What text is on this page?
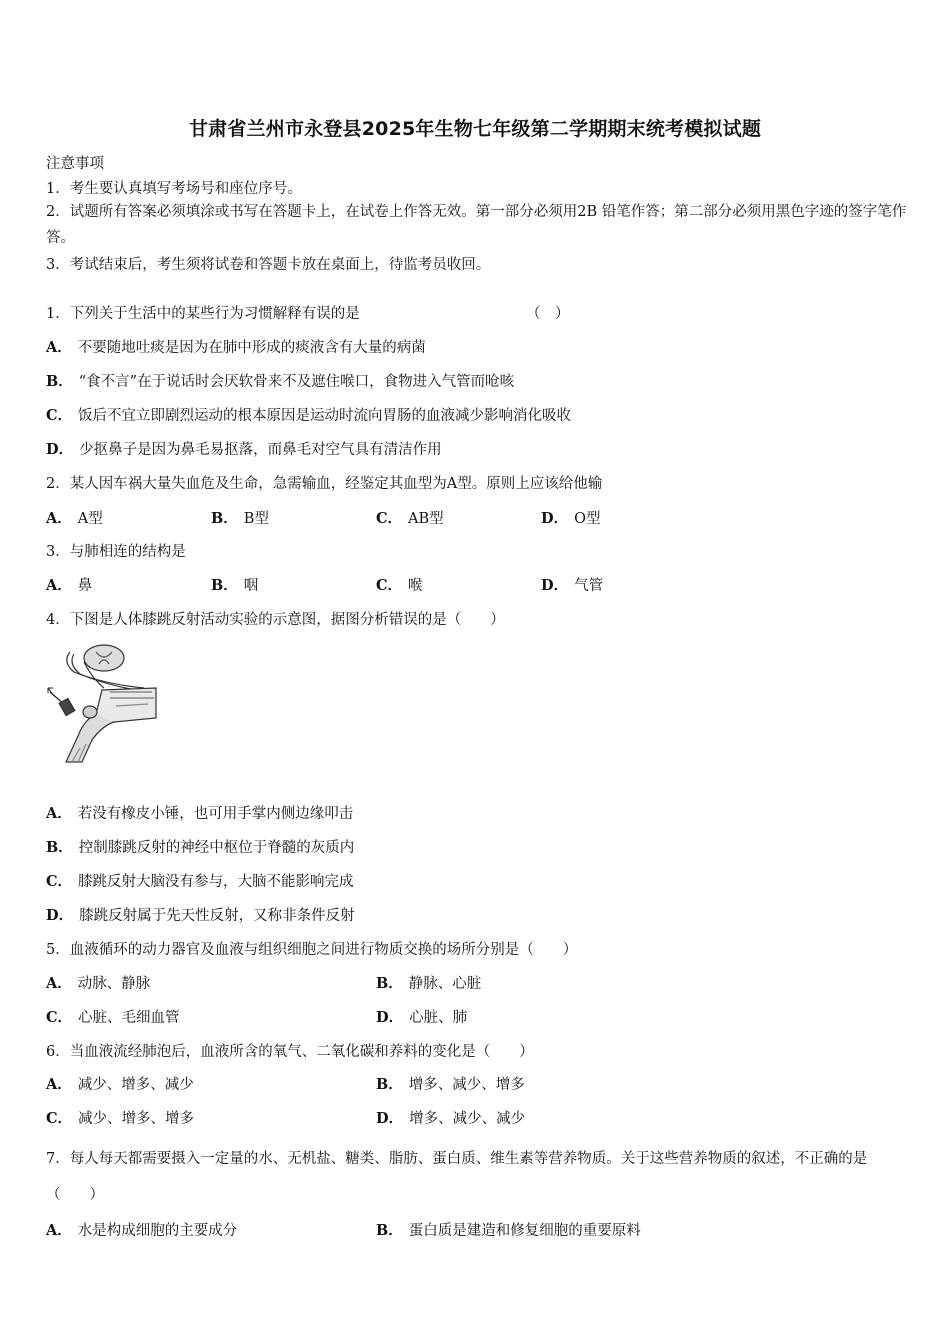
甘肃省兰州市永登县2025年生物七年级第二学期期末统考模拟试题
注意事项
1．考生要认真填写考场号和座位序号。
2．试题所有答案必须填涂或书写在答题卡上，在试卷上作答无效。第一部分必须用2B 铅笔作答；第二部分必须用黑色字迹的签字笔作答。
3．考试结束后，考生须将试卷和答题卡放在桌面上，待监考员收回。
1．下列关于生活中的某些行为习惯解释有误的是	（　）
A． 不要随地吐痰是因为在肺中形成的痰液含有大量的病菌
B． “食不言”在于说话时会厌软骨来不及遮住喉口，食物进入气管而呛咳
C． 饭后不宜立即剧烈运动的根本原因是运动时流向胃肠的血液减少影响消化吸收
D． 少抠鼻子是因为鼻毛易抠落，而鼻毛对空气具有清洁作用
2．某人因车祸大量失血危及生命，急需输血，经鉴定其血型为A型。原则上应该给他输
A． A型	B． B型	C． AB型	D． O型
3．与肺相连的结构是
A． 鼻	B． 咽	C． 喉	D． 气管
4．下图是人体膝跳反射活动实验的示意图，据图分析错误的是（　　）
A． 若没有橡皮小锤，也可用手掌内侧边缘叩击
B． 控制膝跳反射的神经中枢位于脊髓的灰质内
C． 膝跳反射大脑没有参与，大脑不能影响完成
D． 膝跳反射属于先天性反射，又称非条件反射
5．血液循环的动力器官及血液与组织细胞之间进行物质交换的场所分别是（　　）
A． 动脉、静脉	B． 静脉、心脏
C． 心脏、毛细血管	D． 心脏、肺
6．当血液流经肺泡后，血液所含的氧气、二氧化碳和养料的变化是（　　）
A． 减少、增多、减少	B． 增多、减少、增多
C． 减少、增多、增多	D． 增多、减少、减少
7．每人每天都需要摄入一定量的水、无机盐、糖类、脂肪、蛋白质、维生素等营养物质。关于这些营养物质的叙述，不正确的是（　　）
A． 水是构成细胞的主要成分	B． 蛋白质是建造和修复细胞的重要原料
